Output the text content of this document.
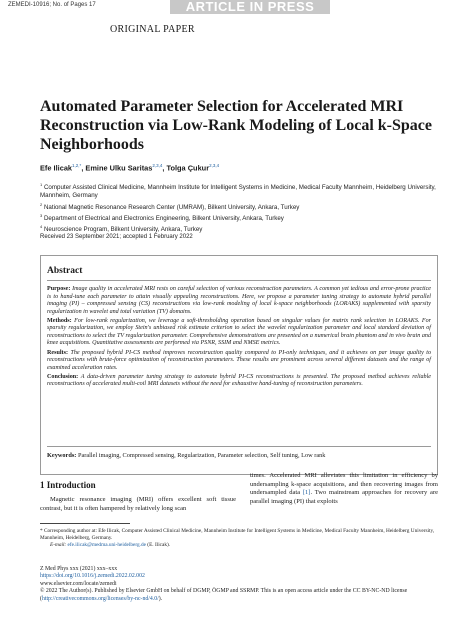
ZEMEDI-10916; No. of Pages 17	ARTICLE IN PRESS
ORIGINAL PAPER
Automated Parameter Selection for Accelerated MRI Reconstruction via Low-Rank Modeling of Local k-Space Neighborhoods
Efe Ilicak$^{1,2,*}$, Emine Ulku Saritas$^{2,3,4}$, Tolga Çukur$^{2,3,4}$

$^1$ Computer Assisted Clinical Medicine, Mannheim Institute for Intelligent Systems in Medicine, Medical Faculty Mannheim, Heidelberg University, Mannheim, Germany

$^2$ National Magnetic Resonance Research Center (UMRAM), Bilkent University, Ankara, Turkey

$^3$ Department of Electrical and Electronics Engineering, Bilkent University, Ankara, Turkey

$^4$ Neuroscience Program, Bilkent University, Ankara, Turkey

Received 23 September 2021; accepted 1 February 2022
Abstract

Purpose: Image quality in accelerated MRI rests on careful selection of various reconstruction parameters. A common yet tedious and error-prone practice is to hand-tune each parameter to attain visually appealing reconstructions. Here, we propose a parameter tuning strategy to automate hybrid parallel imaging (PI) – compressed sensing (CS) reconstructions via low-rank modeling of local k-space neighborhoods (LORAKS) supplemented with sparsity regularization in wavelet and total variation (TV) domains.

Methods: For low-rank regularization, we leverage a soft-thresholding operation based on singular values for matrix rank selection in LORAKS. For sparsity regularization, we employ Stein's unbiased risk estimate criterion to select the wavelet regularization parameter and local standard deviation of reconstructions to select the TV regularization parameter. Comprehensive demonstrations are presented on a numerical brain phantom and in vivo brain and knee acquisitions. Quantitative assessments are performed via PSNR, SSIM and NMSE metrics.

Results: The proposed hybrid PI-CS method improves reconstruction quality compared to PI-only techniques, and it achieves on par image quality to reconstructions with brute-force optimization of reconstruction parameters. These results are prominent across several different datasets and the range of examined acceleration rates.

Conclusion: A data-driven parameter tuning strategy to automate hybrid PI-CS reconstructions is presented. The proposed method achieves reliable reconstructions of accelerated multi-coil MRI datasets without the need for exhaustive hand-tuning of reconstruction parameters.

Keywords: Parallel imaging, Compressed sensing, Regularization, Parameter selection, Self tuning, Low rank
1 Introduction

Magnetic resonance imaging (MRI) offers excellent soft tissue contrast, but it is often hampered by relatively long scan

times. Accelerated MRI alleviates this limitation in efficiency by undersampling k-space acquisitions, and then recovering images from undersampled data [1]. Two mainstream approaches for recovery are parallel imaging (PI) that exploits

* Corresponding author at: Efe Ilicak, Computer Assisted Clinical Medicine, Mannheim Institute for Intelligent Systems in Medicine, Medical Faculty Mannheim, Heidelberg University, Mannheim, Heidelberg, Germany.

E-mail: efe.ilicak@medma.uni-heidelberg.de (E. Ilicak).

Z Med Phys xxx (2021) xxx–xxx

https://doi.org/10.1016/j.zemedi.2022.02.002

www.elsevier.com/locate/zemedi

© 2022 The Author(s). Published by Elsevier GmbH on behalf of DGMP, ÖGMP and SSRMP. This is an open access article under the CC BY-NC-ND license (http://creativecommons.org/licenses/by-nc-nd/4.0/).
